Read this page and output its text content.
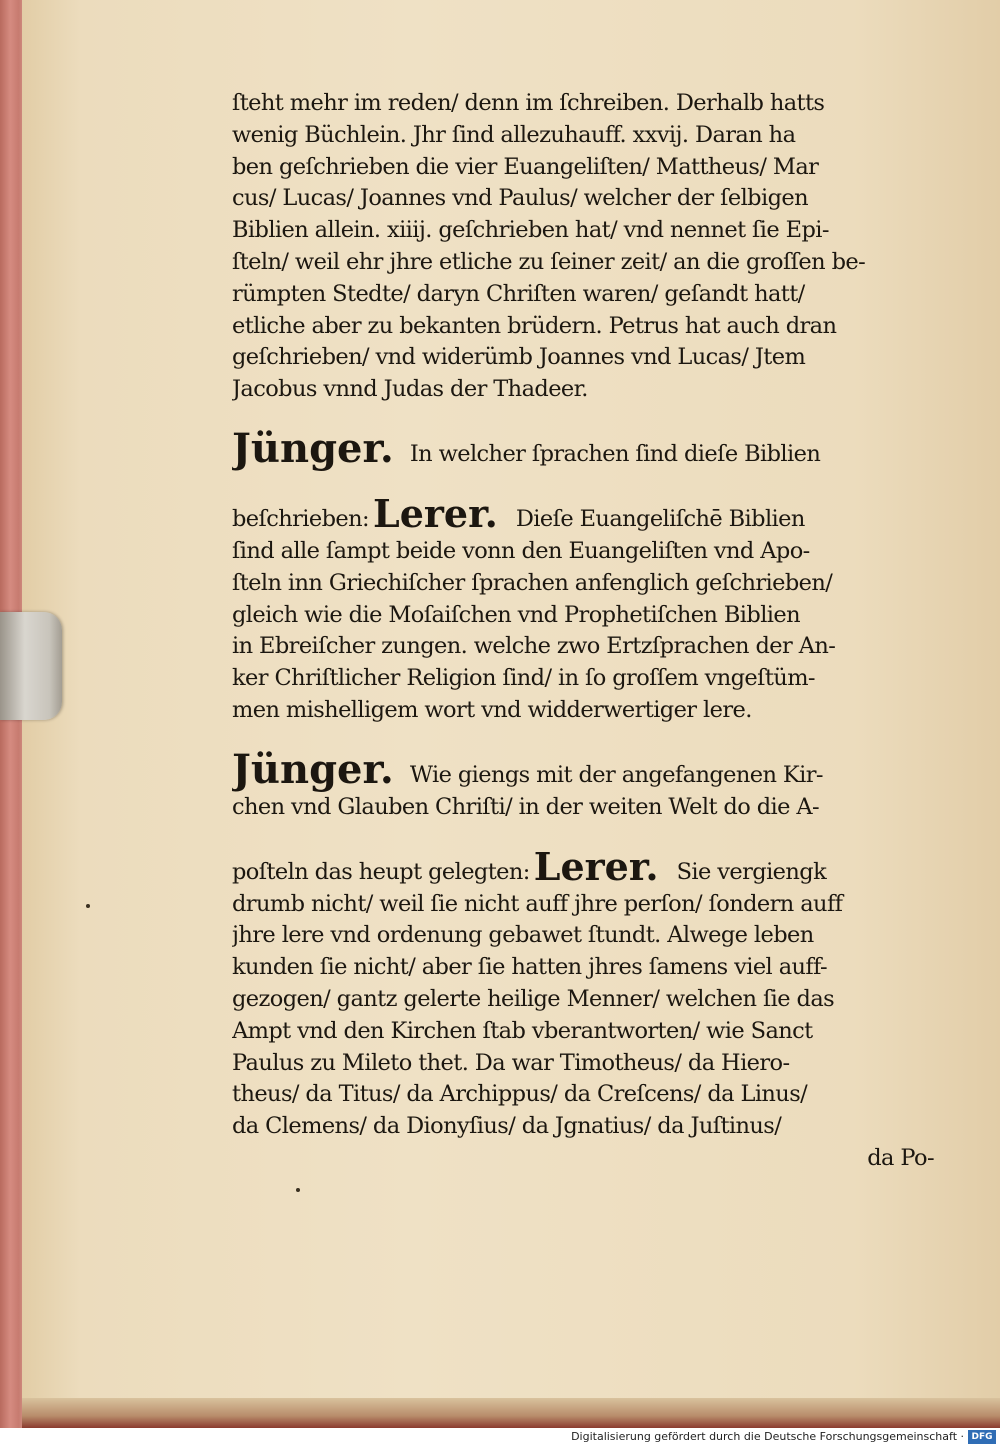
ſteht mehr im reden/ denn im ſchreiben. Derhalb hatts
wenig Büchlein. Jhr ſind allezuhauff. xxvij. Daran ha
ben geſchrieben die vier Euangeliſten/ Mattheus/ Mar
cus/ Lucas/ Joannes vnd Paulus/ welcher der ſelbigen
Biblien allein. xiiij. geſchrieben hat/ vnd nennet ſie Epi-
ſteln/ weil ehr jhre etliche zu ſeiner zeit/ an die groſſen be-
rümpten Stedte/ daryn Chriſten waren/ geſandt hatt/
etliche aber zu bekanten brüdern. Petrus hat auch dran
geſchrieben/ vnd widerümb Joannes vnd Lucas/ Jtem
Jacobus vnnd Judas der Thadeer.
Jünger. In welcher ſprachen ſind dieſe Biblien
beſchrieben: Lerer. Dieſe Euangeliſchē Biblien
ſind alle ſampt beide vonn den Euangeliſten vnd Apo-
ſteln inn Griechiſcher ſprachen anfenglich geſchrieben/
gleich wie die Moſaiſchen vnd Prophetiſchen Biblien
in Ebreiſcher zungen. welche zwo Ertzſprachen der An-
ker Chriſtlicher Religion ſind/ in ſo groſſem vngeſtüm-
men mishelligem wort vnd widderwertiger lere.
Jünger. Wie giengs mit der angefangenen Kir-
chen vnd Glauben Chriſti/ in der weiten Welt do die A-
poſteln das heupt gelegten: Lerer. Sie vergiengk
drumb nicht/ weil ſie nicht auff jhre perſon/ ſondern auff
jhre lere vnd ordenung gebawet ſtundt. Alwege leben
kunden ſie nicht/ aber ſie hatten jhres ſamens viel auff-
gezogen/ gantz gelerte heilige Menner/ welchen ſie das
Ampt vnd den Kirchen ſtab vberantworten/ wie Sanct
Paulus zu Mileto thet. Da war Timotheus/ da Hiero-
theus/ da Titus/ da Archippus/ da Creſcens/ da Linus/
da Clemens/ da Dionyſius/ da Jgnatius/ da Juſtinus/
da Po-
Digitalisierung gefördert durch die Deutsche Forschungsgemeinschaft · DFG
